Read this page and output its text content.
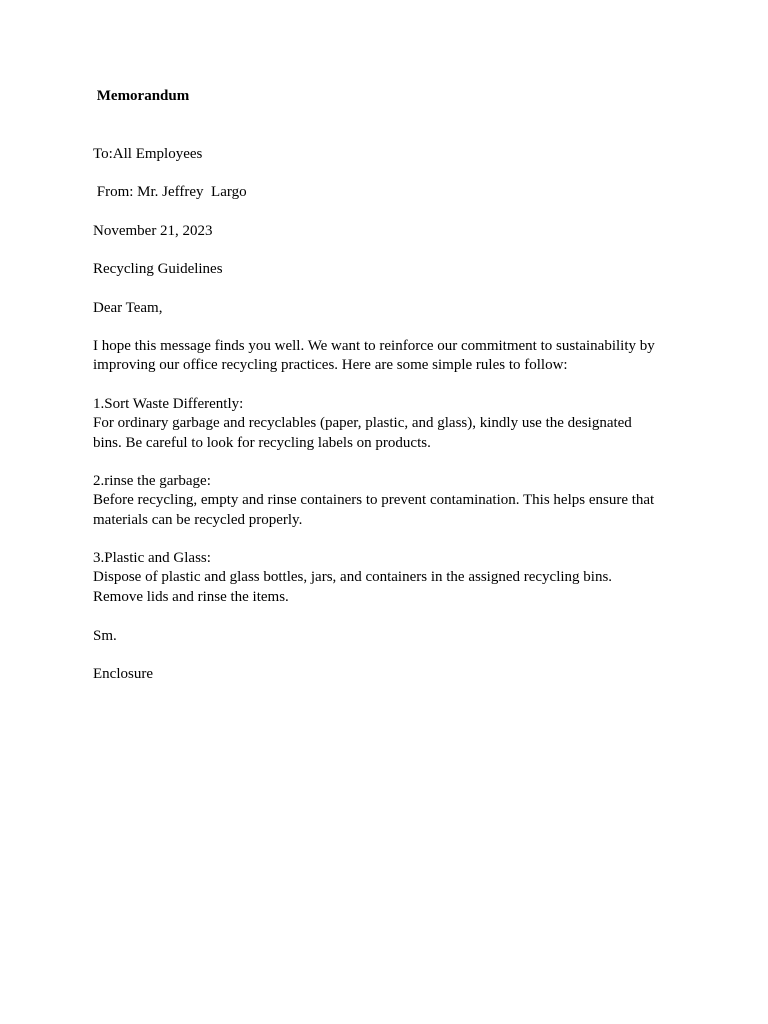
Memorandum
To:All Employees
From: Mr. Jeffrey  Largo
November 21, 2023
Recycling Guidelines
Dear Team,
I hope this message finds you well. We want to reinforce our commitment to sustainability by
improving our office recycling practices. Here are some simple rules to follow:
1.Sort Waste Differently:
For ordinary garbage and recyclables (paper, plastic, and glass), kindly use the designated
bins. Be careful to look for recycling labels on products.
2.rinse the garbage:
Before recycling, empty and rinse containers to prevent contamination. This helps ensure that
materials can be recycled properly.
3.Plastic and Glass:
Dispose of plastic and glass bottles, jars, and containers in the assigned recycling bins.
Remove lids and rinse the items.
Sm.
Enclosure
